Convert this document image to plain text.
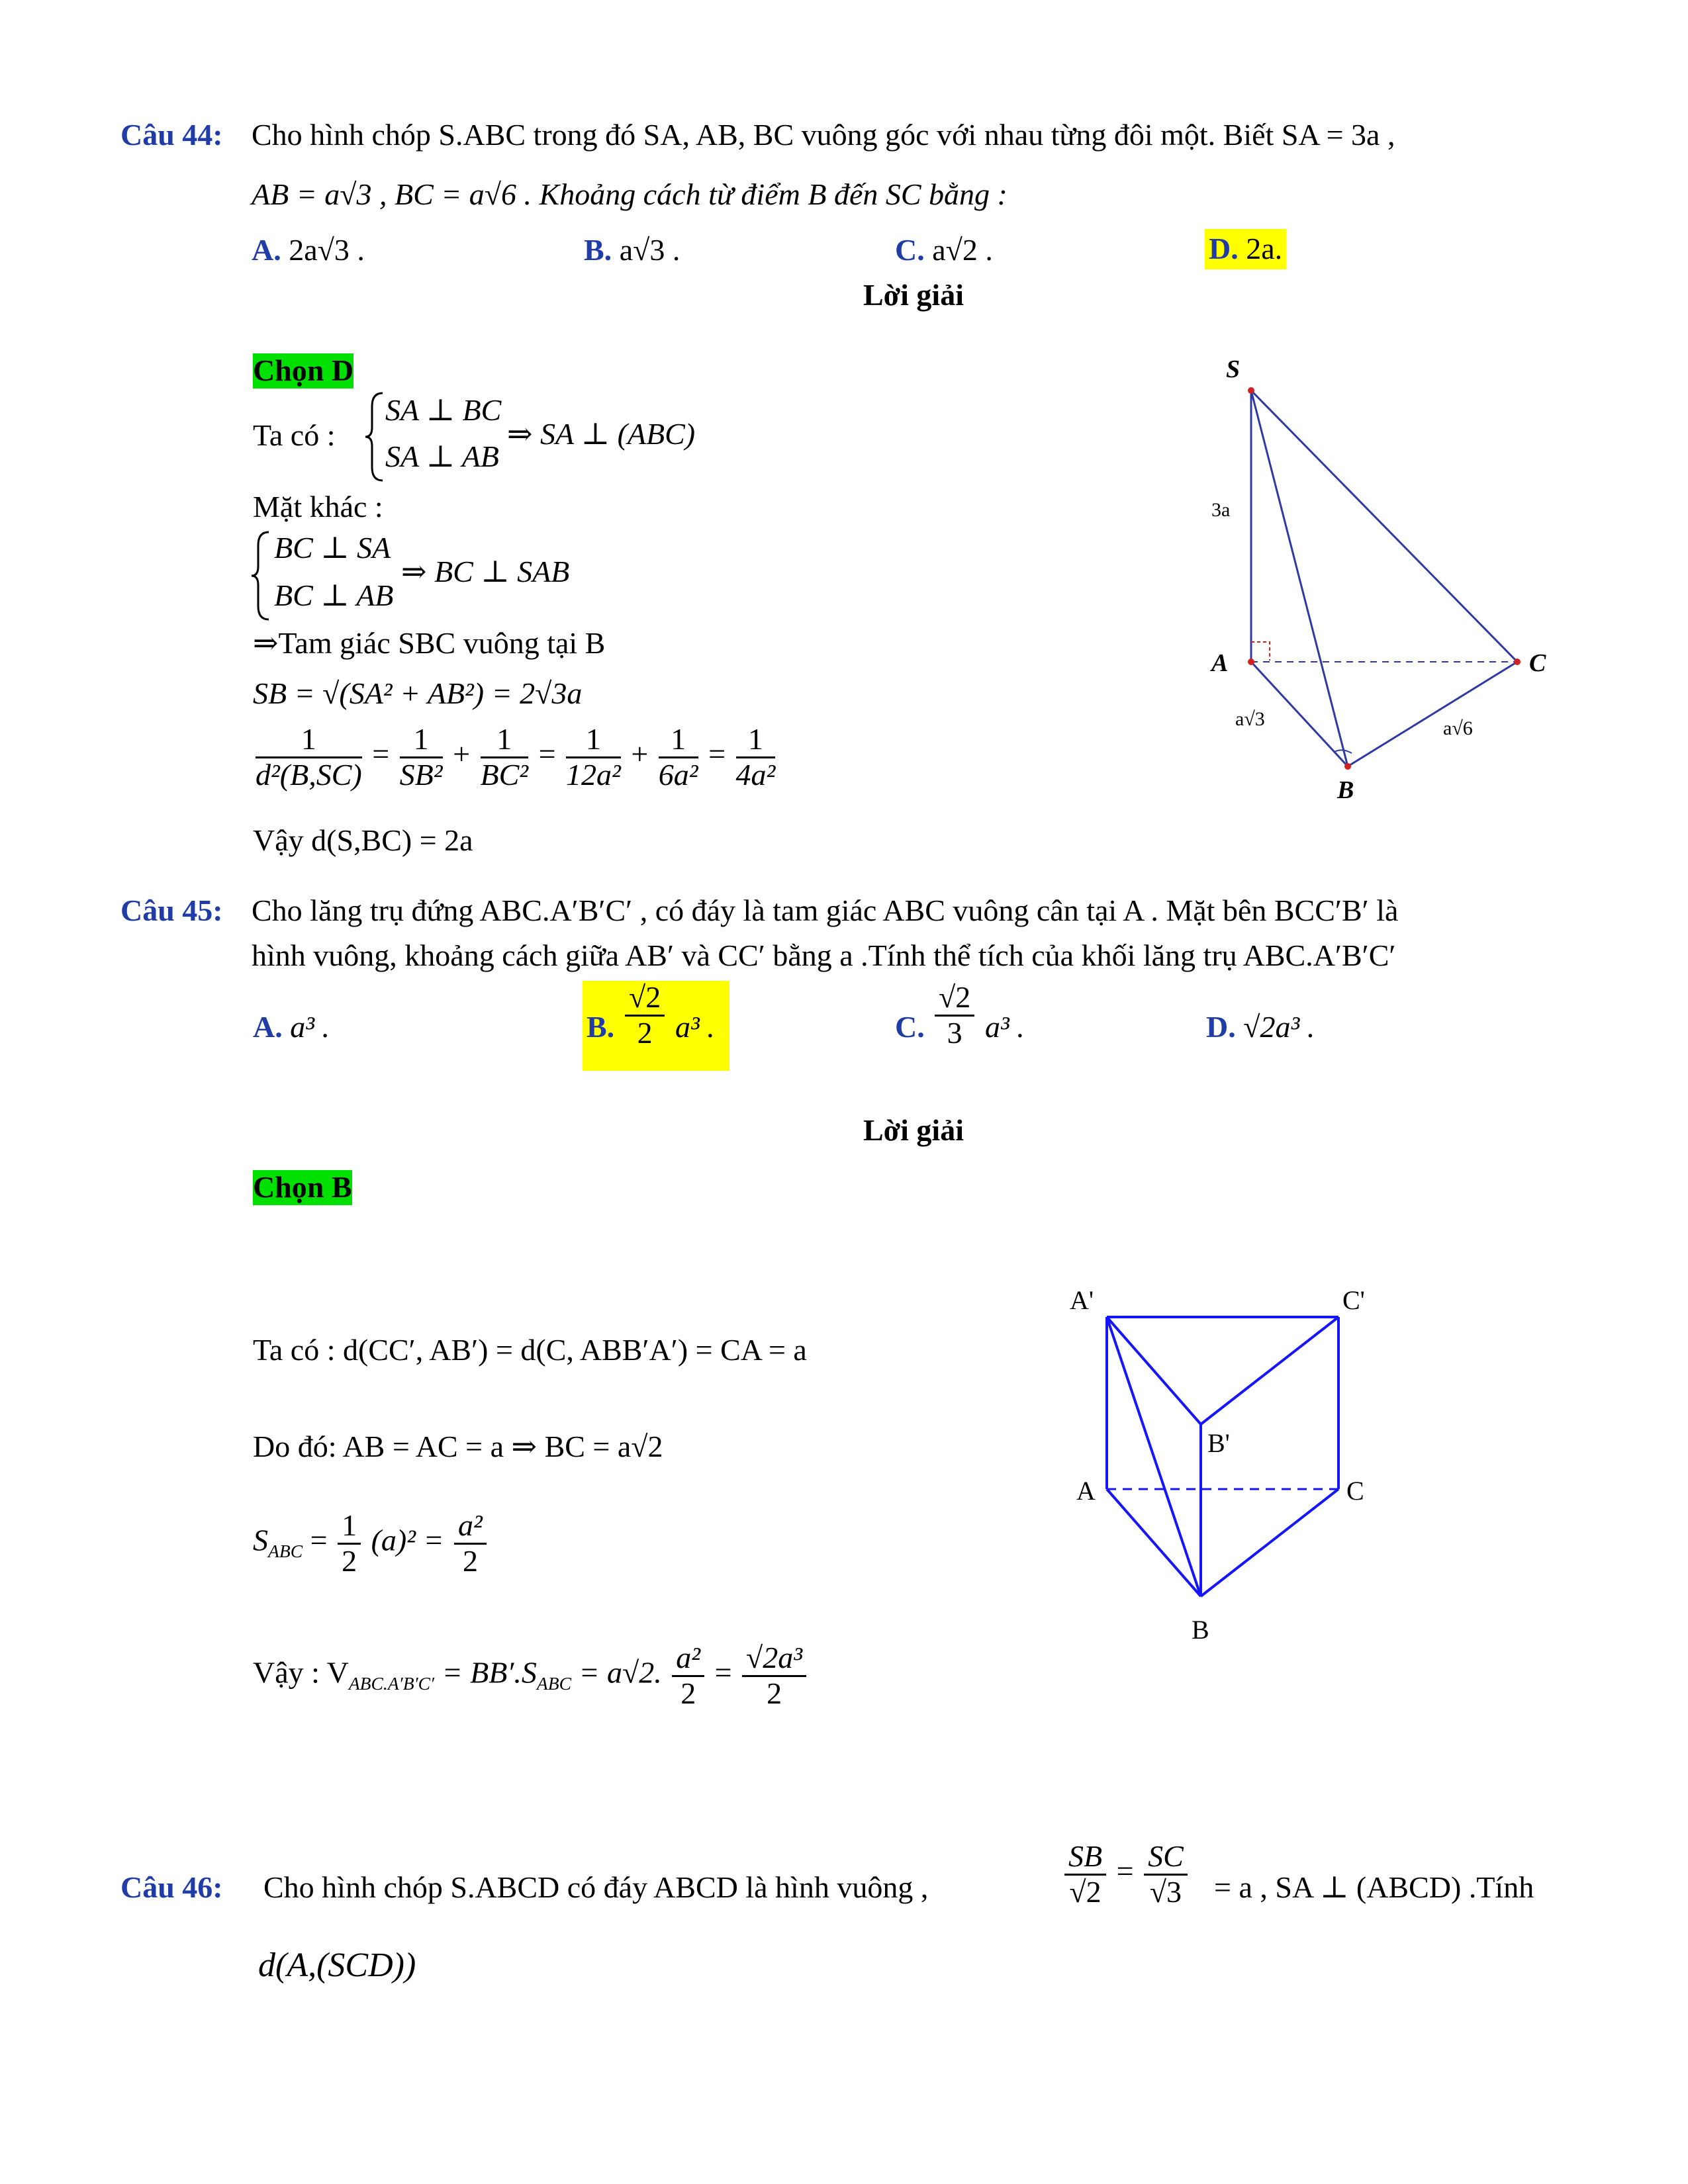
Câu 44: Cho hình chóp S.ABC trong đó SA, AB, BC vuông góc với nhau từng đôi một. Biết SA = 3a ,
AB = a√3 , BC = a√6 . Khoảng cách từ điểm B đến SC bằng :
A. 2a√3 .	B. a√3 .	C. a√2 .	D. 2a.
Lời giải
Chọn D
Ta có :
SA ⊥ BC
SA ⊥ AB
⇒ SA ⊥ (ABC)
Mặt khác :
BC ⊥ SA
BC ⊥ AB
⇒ BC ⊥ SAB
⇒Tam giác SBC vuông tại B
SB = √(SA² + AB²) = 2√3a
$\frac{1}{\text{d²(B,SC)}} = \frac{1}{\text{SB²}} + \frac{1}{\text{BC²}} = \frac{1}{\text{12a²}} + \frac{1}{\text{6a²}} = \frac{1}{\text{4a²}}$
Vậy d(S,BC) = 2a
S
A	C
B
3a
a√3	a√6
Câu 45: Cho lăng trụ đứng ABC.A′B′C′ , có đáy là tam giác ABC vuông cân tại A . Mặt bên BCC′B′ là
hình vuông, khoảng cách giữa AB′ và CC′ bằng a .Tính thể tích của khối lăng trụ ABC.A′B′C′
A. a³ .	B. $\frac{√2}{2} a^3$ .	C. $\frac{√2}{3} a^3$ .	D. √2a³ .
Lời giải
Chọn B
Ta có : d(CC′, AB′) = d(C, ABB′A′) = CA = a
Do đó: AB = AC = a ⇒ BC = a√2
$S_{ABC} = \frac{1}{2} (a)^2 = \frac{\text{a²}}{2}$
Vậy : $V_{ABC.A'B'C'} = BB'.S_{ABC} = a√2$. $\frac{\text{a²}}{2} = \frac{\text{√2a³}}{2}$
A'	C'
B'
A	C
B
Câu 46: Cho hình chóp S.ABCD có đáy ABCD là hình vuông ,	$\frac{SB}{√2} = \frac{SC}{√3} = a$ , SA ⊥ (ABCD) .Tính
d(A,(SCD))
